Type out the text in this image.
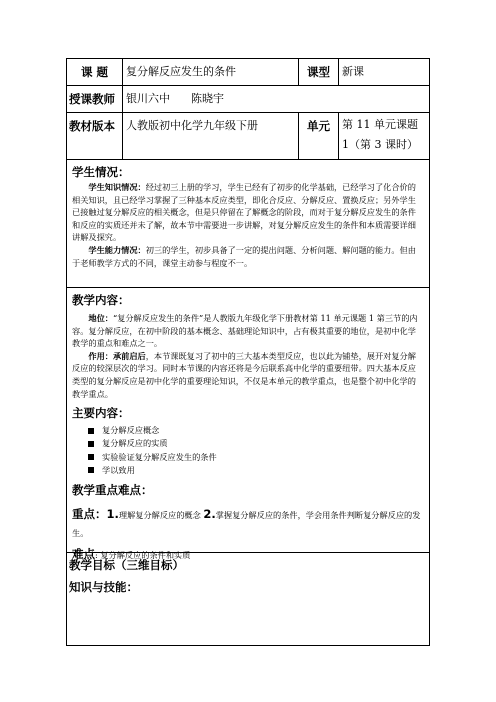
课 题	复分解反应发生的条件	课型	新课
授课教师	银川六中      陈晓宇
教材版本	人教版初中化学九年级下册	单元	第 11 单元课题
1（第 3 课时）
学生情况：

学生知识情况：经过初三上册的学习，学生已经有了初步的化学基础，已经学习了化合价的相关知识，且已经学习掌握了三种基本反应类型，即化合反应、分解反应、置换反应；另外学生已接触过复分解反应的相关概念，但是只停留在了解概念的阶段，而对于复分解反应发生的条件和反应的实质还并未了解，故本节中需要进一步讲解，对复分解反应发生的条件和本质需要详细讲解及探究。

学生能力情况：初三的学生，初步具备了一定的提出问题、分析问题、解问题的能力。但由于老师教学方式的不同，课堂主动参与程度不一。

教学内容：

地位：“复分解反应发生的条件”是人教版九年级化学下册教材第 11 单元课题 1 第三节的内容。复分解反应，在初中阶段的基本概念、基础理论知识中，占有极其重要的地位，是初中化学教学的重点和难点之一。

作用：承前启后，本节课既复习了初中的三大基本类型反应，也以此为铺垫，展开对复分解反应的较深层次的学习。同时本节课的内容还将是今后联系高中化学的重要纽带。四大基本反应类型的复分解反应是初中化学的重要理论知识，不仅是本单元的教学重点，也是整个初中化学的教学重点。

主要内容：
复分解反应概念
复分解反应的实质
实验验证复分解反应发生的条件
学以致用
教学重点难点：
重点：1.理解复分解反应的概念 2.掌握复分解反应的条件，学会用条件判断复分解反应的发生。
难点: 复分解反应的条件和实质
教学目标（三维目标）
知识与技能：
